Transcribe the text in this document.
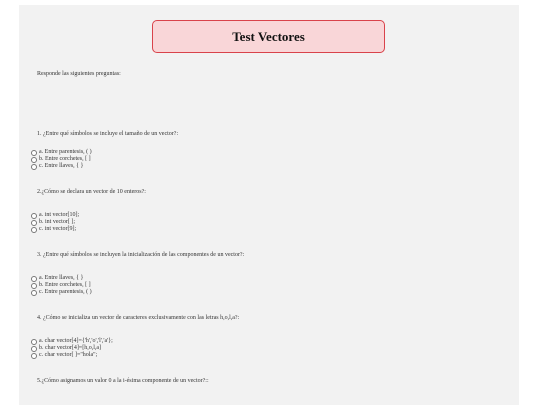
Test Vectores
Responde las siguientes preguntas:
1. ¿Entre qué símbolos se incluye el tamaño de un vector?:
a. Entre parentesis, ( )
b. Entre corchetes, [ ]
c. Entre llaves, { }
2.¿Cómo se declara un vector de 10 enteros?:
a. int vector[10];
b. int vector[ ];
c. int vector[9];
3. ¿Entre qué símbolos se incluyen la inicialización de las componentes de un vector?:
a. Entre llaves, { }
b. Entre corchetes, [ ]
c. Entre parentesis, ( )
4. ¿Cómo se inicializa un vector de caracteres exclusivamente con las letras h,o,l,a?:
a. char vector[4]={'h','o','l','a'};
b. char vector[4]=[h,o,l,a]
c. char vector[ ]="hola";
5.¿Cómo asignamos un valor 0 a la i-ésima componente de un vector?::
